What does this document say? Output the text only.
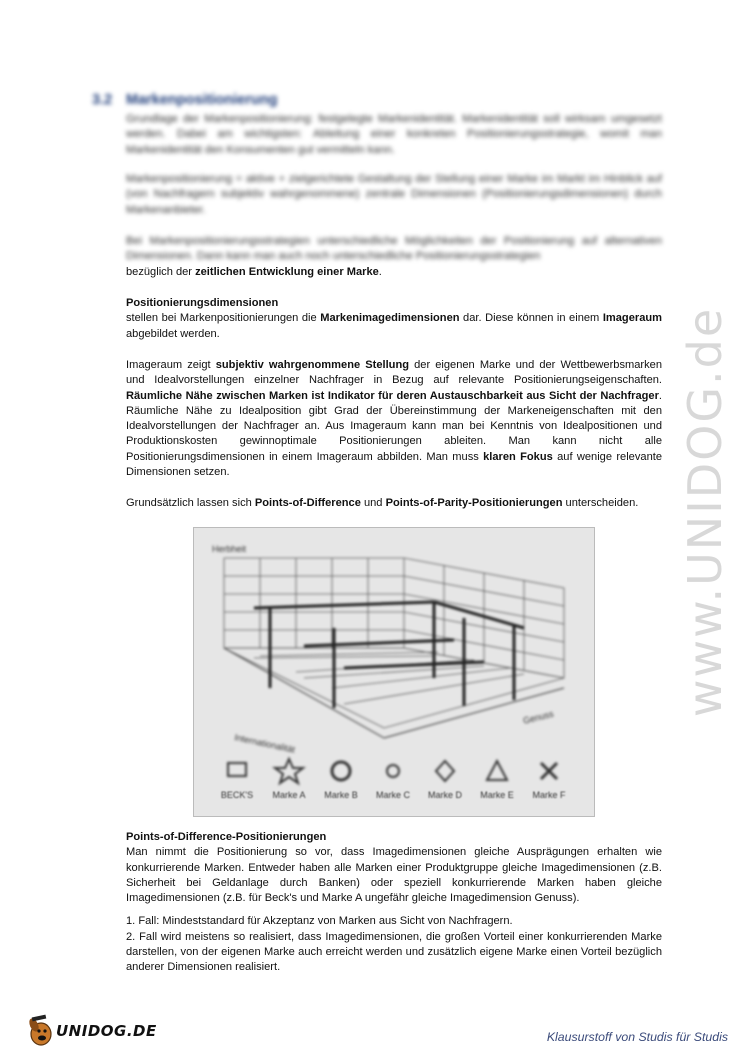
3.2 Markenpositionierung
Grundlage der Markenpositionierung: festgelegte Markenidentität. Markenidentität soll wirksam umgesetzt werden. Dabei am wichtigsten: Ableitung einer konkreten Positionierungsstrategie, womit man Markenidentität den Konsumenten gut vermitteln kann.
Markenpositionierung = aktive + zielgerichtete Gestaltung der Stellung einer Marke im Markt im Hinblick auf (von Nachfragern subjektiv wahrgenommene) zentrale Dimensionen (Positionierungsdimensionen) durch Markenanbieter.
Bei Markenpositionierungsstrategien unterschiedliche Möglichkeiten der Positionierung auf alternativen Dimensionen. Dann kann man auch noch unterschiedliche Positionierungsstrategien
bezüglich der zeitlichen Entwicklung einer Marke.
Positionierungsdimensionen
stellen bei Markenpositionierungen die Markenimagedimensionen dar. Diese können in einem Imageraum abgebildet werden.
Imageraum zeigt subjektiv wahrgenommene Stellung der eigenen Marke und der Wettbewerbsmarken und Idealvorstellungen einzelner Nachfrager in Bezug auf relevante Positionierungseigenschaften. Räumliche Nähe zwischen Marken ist Indikator für deren Austauschbarkeit aus Sicht der Nachfrager. Räumliche Nähe zu Idealposition gibt Grad der Übereinstimmung der Markeneigenschaften mit den Idealvorstellungen der Nachfrager an. Aus Imageraum kann man bei Kenntnis von Idealpositionen und Produktionskosten gewinnoptimale Positionierungen ableiten. Man kann nicht alle Positionierungsdimensionen in einem Imageraum abbilden. Man muss klaren Fokus auf wenige relevante Dimensionen setzen.
Grundsätzlich lassen sich Points-of-Difference und Points-of-Parity-Positionierungen unterscheiden.
Herbheit
Internationalität
Genuss
BECK'S	Marke A	Marke B	Marke C	Marke D	Marke E	Marke F
Points-of-Difference-Positionierungen
Man nimmt die Positionierung so vor, dass Imagedimensionen gleiche Ausprägungen erhalten wie konkurrierende Marken. Entweder haben alle Marken einer Produktgruppe gleiche Imagedimensionen (z.B. Sicherheit bei Geldanlage durch Banken) oder speziell konkurrierende Marken haben gleiche Imagedimensionen (z.B. für Beck's und Marke A ungefähr gleiche Imagedimension Genuss).
1. Fall: Mindeststandard für Akzeptanz von Marken aus Sicht von Nachfragern.
2. Fall wird meistens so realisiert, dass Imagedimensionen, die großen Vorteil einer konkurrierenden Marke darstellen, von der eigenen Marke auch erreicht werden und zusätzlich eigene Marke einen Vorteil bezüglich anderer Dimensionen realisiert.
www.UNIDOG.de
UNIDOG.DE	Klausurstoff von Studis für Studis
